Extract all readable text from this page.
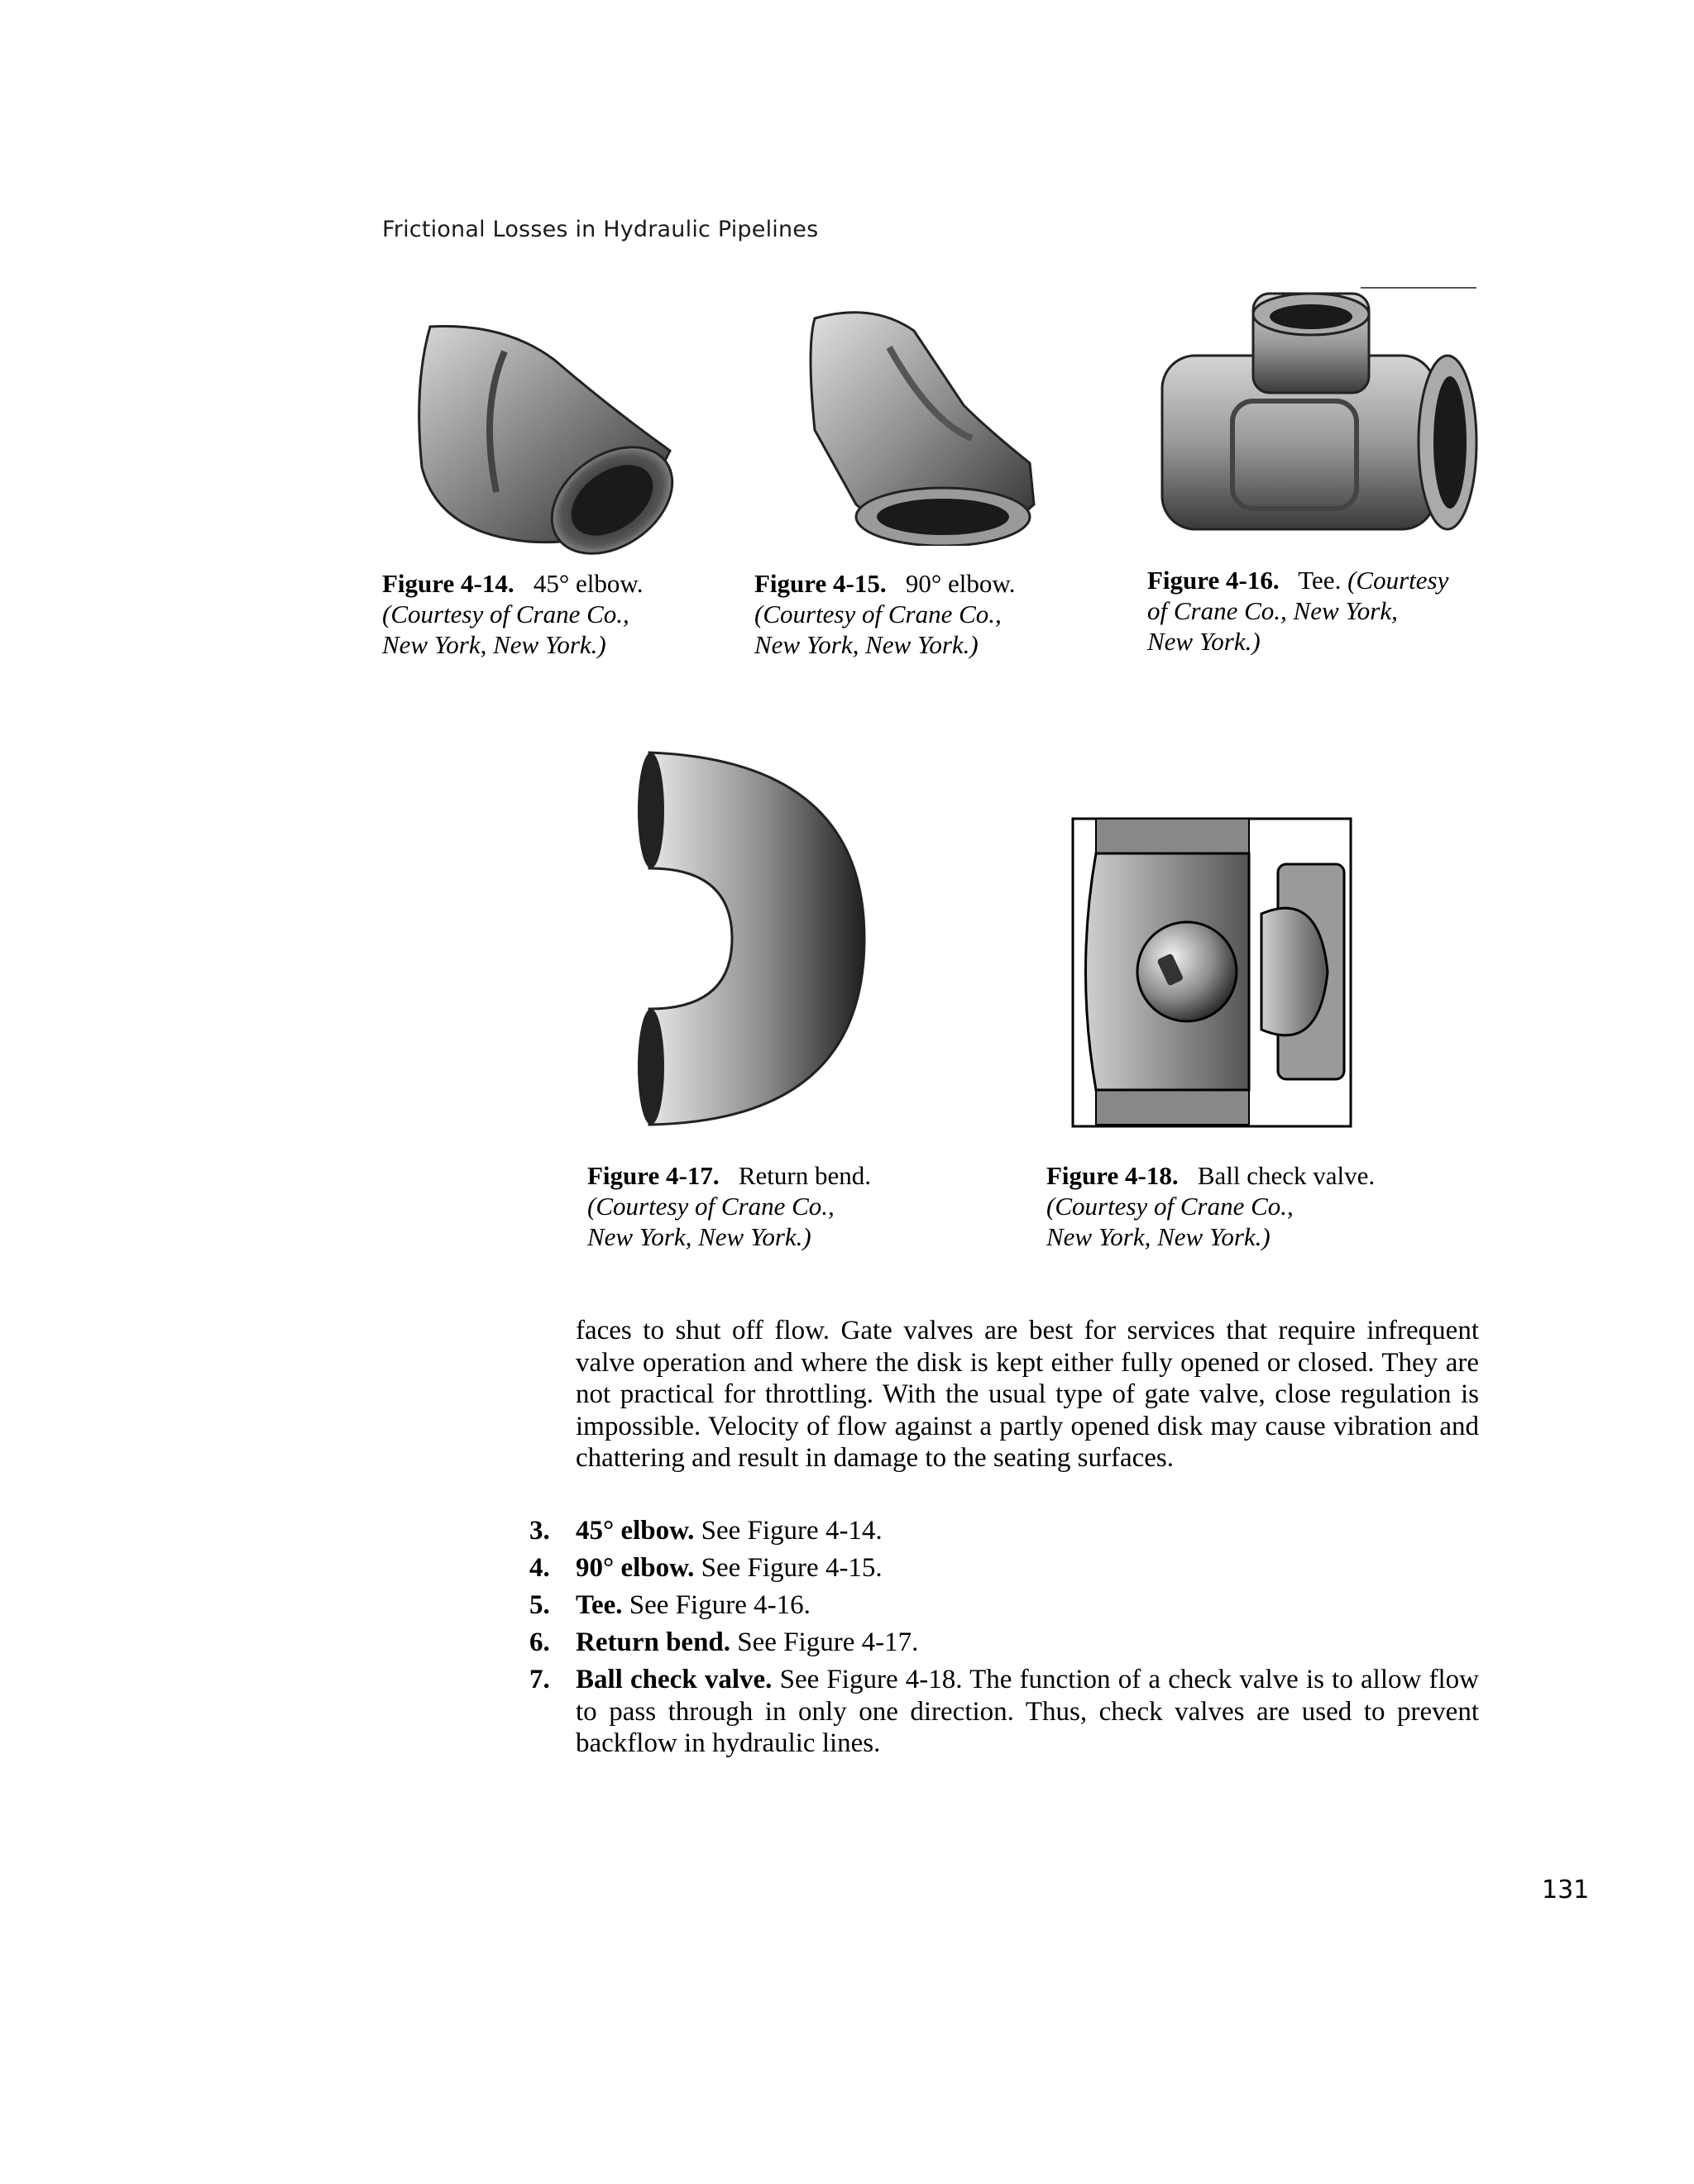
Frictional Losses in Hydraulic Pipelines
Figure 4-14. 45° elbow.
(Courtesy of Crane Co.,
New York, New York.)
Figure 4-15. 90° elbow.
(Courtesy of Crane Co.,
New York, New York.)
Figure 4-16. Tee. (Courtesy
of Crane Co., New York,
New York.)
Figure 4-17. Return bend.
(Courtesy of Crane Co.,
New York, New York.)
Figure 4-18. Ball check valve.
(Courtesy of Crane Co.,
New York, New York.)

faces to shut off flow. Gate valves are best for services that require infrequent valve operation and where the disk is kept either fully opened or closed. They are not practical for throttling. With the usual type of gate valve, close regulation is impossible. Velocity of flow against a partly opened disk may cause vibration and chattering and result in damage to the seating surfaces.

3. 45° elbow. See Figure 4-14.
4. 90° elbow. See Figure 4-15.
5. Tee. See Figure 4-16.
6. Return bend. See Figure 4-17.
7. Ball check valve. See Figure 4-18. The function of a check valve is to allow flow to pass through in only one direction. Thus, check valves are used to prevent backflow in hydraulic lines.
131
